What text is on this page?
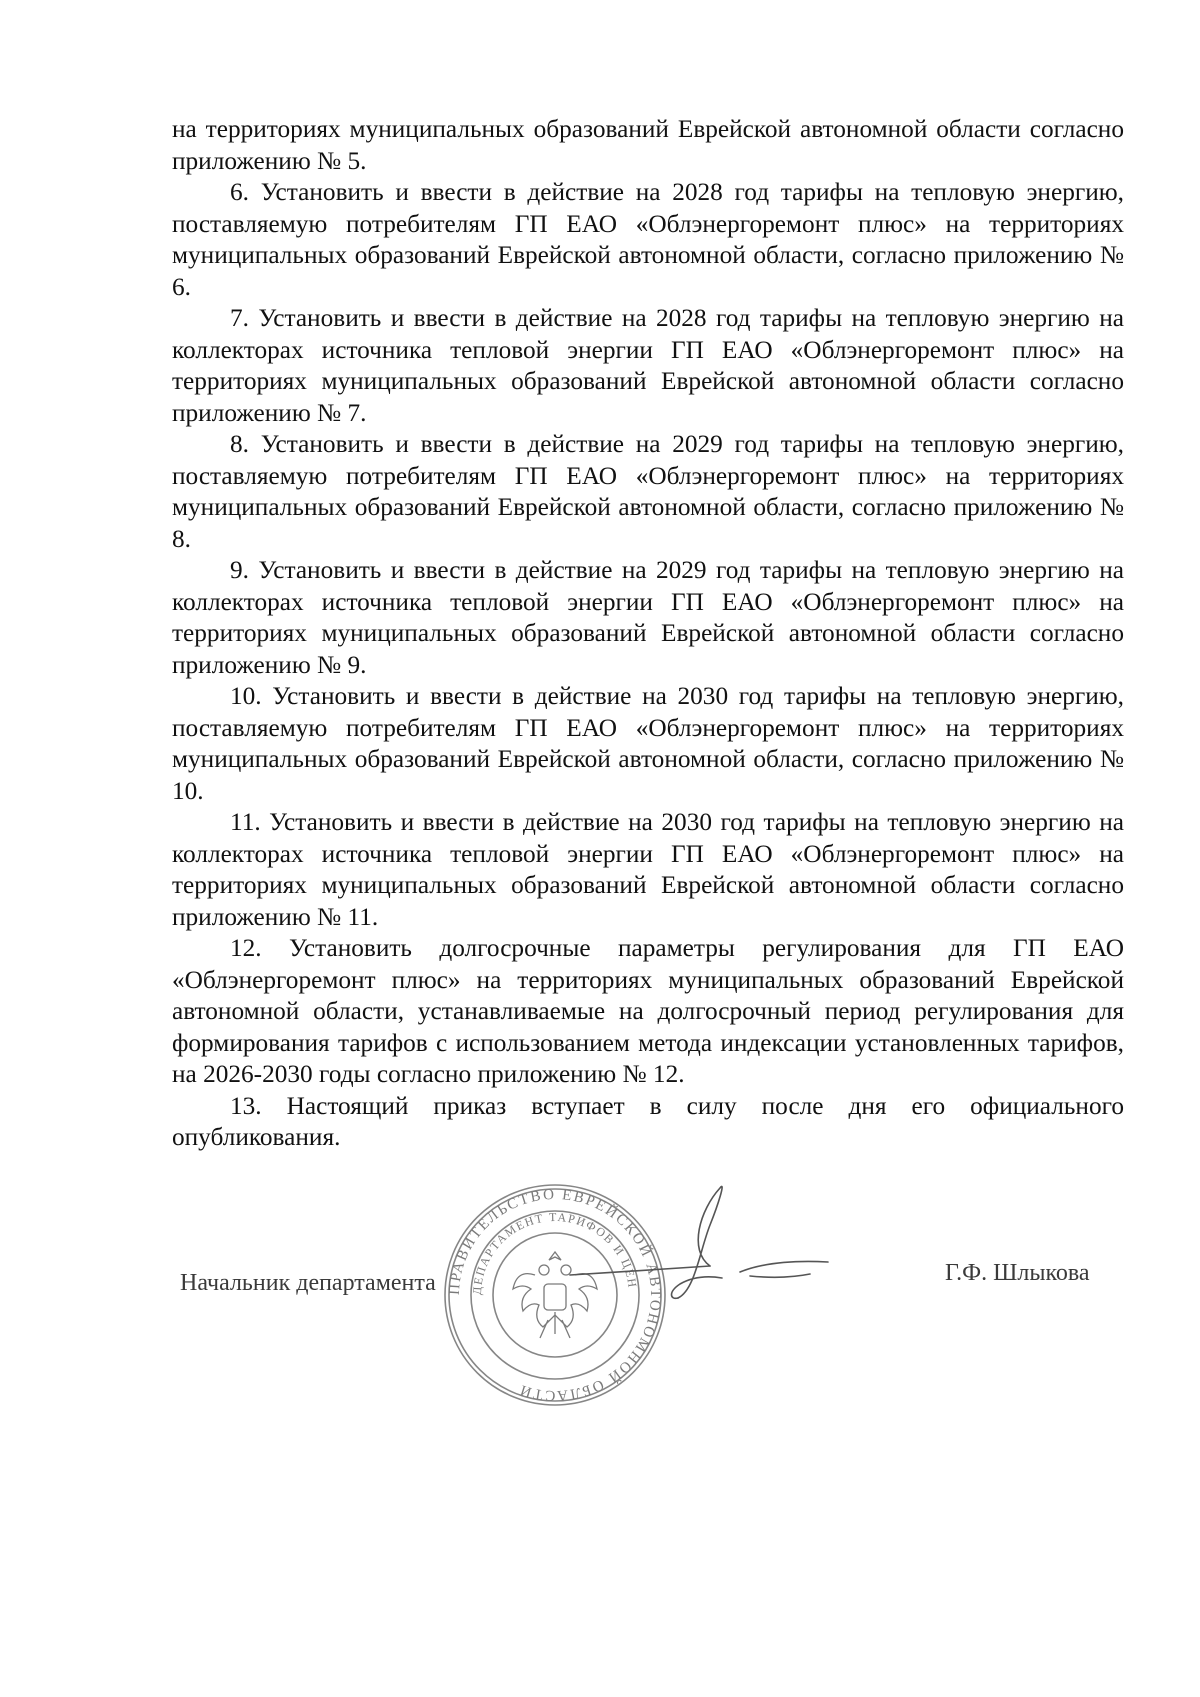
на территориях муниципальных образований Еврейской автономной области согласно приложению № 5.

6. Установить и ввести в действие на 2028 год тарифы на тепловую энергию, поставляемую потребителям ГП ЕАО «Облэнергоремонт плюс» на территориях муниципальных образований Еврейской автономной области, согласно приложению № 6.

7. Установить и ввести в действие на 2028 год тарифы на тепловую энергию на коллекторах источника тепловой энергии ГП ЕАО «Облэнергоремонт плюс» на территориях муниципальных образований Еврейской автономной области согласно приложению № 7.

8. Установить и ввести в действие на 2029 год тарифы на тепловую энергию, поставляемую потребителям ГП ЕАО «Облэнергоремонт плюс» на территориях муниципальных образований Еврейской автономной области, согласно приложению № 8.

9. Установить и ввести в действие на 2029 год тарифы на тепловую энергию на коллекторах источника тепловой энергии ГП ЕАО «Облэнергоремонт плюс» на территориях муниципальных образований Еврейской автономной области согласно приложению № 9.

10. Установить и ввести в действие на 2030 год тарифы на тепловую энергию, поставляемую потребителям ГП ЕАО «Облэнергоремонт плюс» на территориях муниципальных образований Еврейской автономной области, согласно приложению № 10.

11. Установить и ввести в действие на 2030 год тарифы на тепловую энергию на коллекторах источника тепловой энергии ГП ЕАО «Облэнергоремонт плюс» на территориях муниципальных образований Еврейской автономной области согласно приложению № 11.

12. Установить долгосрочные параметры регулирования для ГП ЕАО «Облэнергоремонт плюс» на территориях муниципальных образований Еврейской автономной области, устанавливаемые на долгосрочный период регулирования для формирования тарифов с использованием метода индексации установленных тарифов, на 2026-2030 годы согласно приложению № 12.

13. Настоящий приказ вступает в силу после дня его официального опубликования.

Начальник департамента ПРАВИТЕЛЬСТВО ЕВРЕЙСКОЙ АВТОНОМНОЙ ОБЛАСТИ
ДЕПАРТАМЕНТ ТАРИФОВ И ЦЕН	Г.Ф. Шлыкова
